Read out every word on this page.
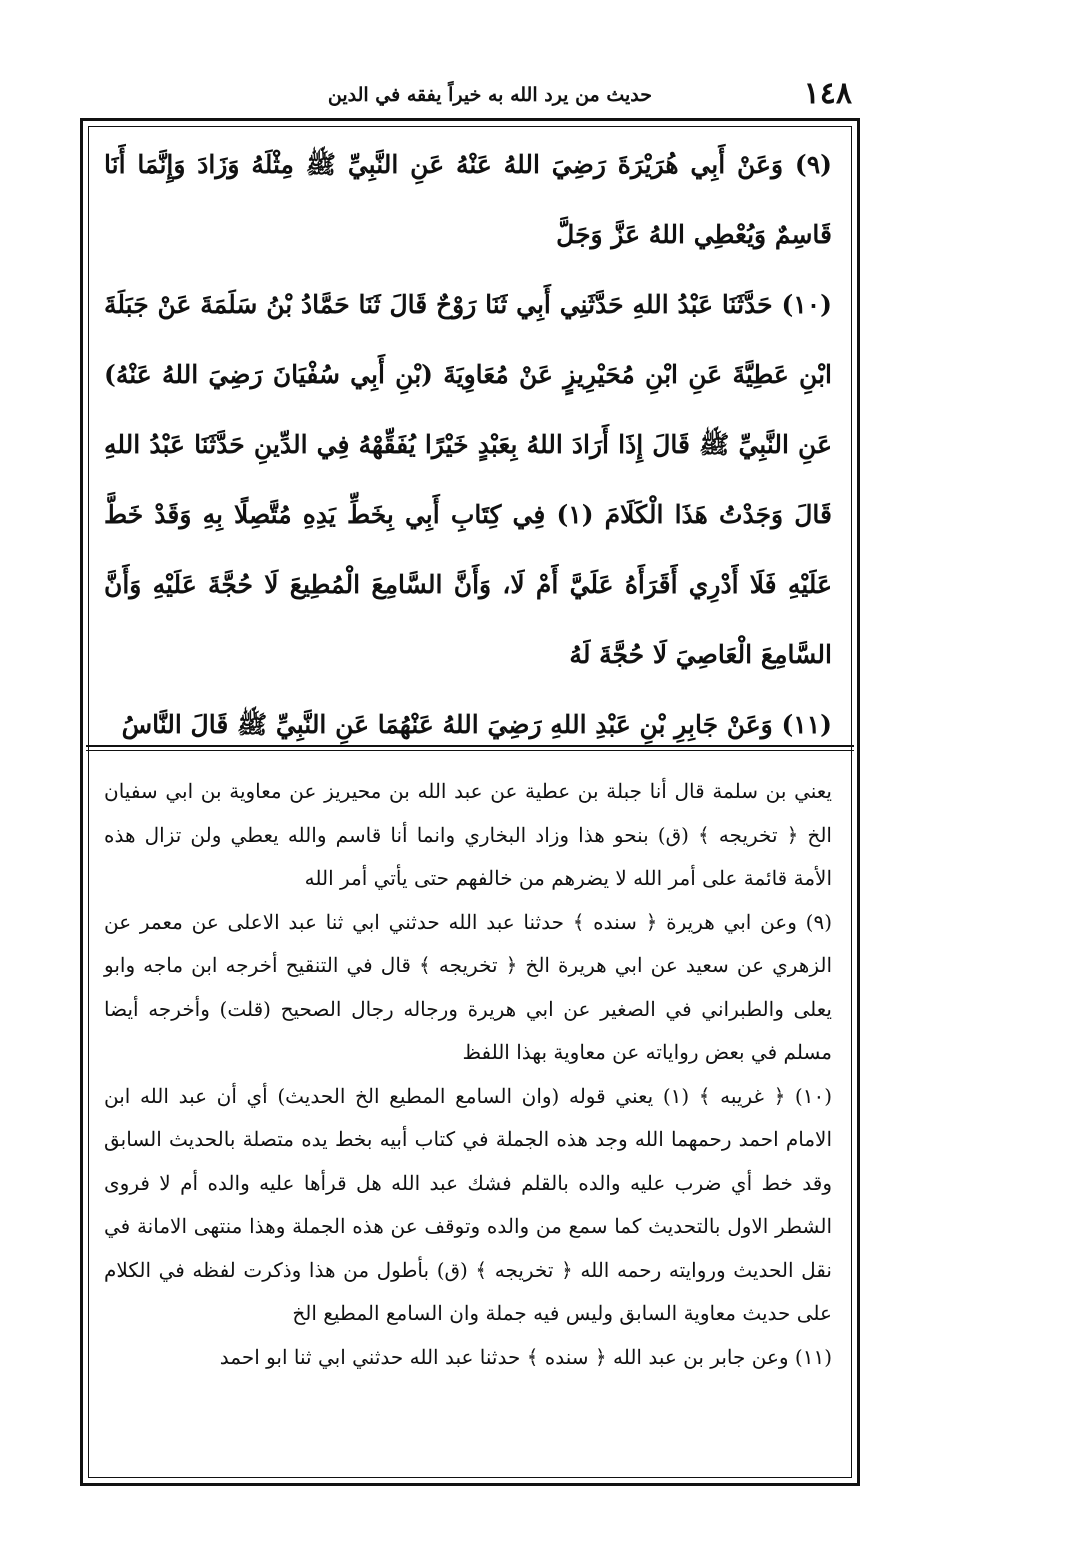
١٤٨
حديث من يرد الله به خيراً يفقه في الدين

(٩) وَعَنْ أَبِي هُرَيْرَةَ رَضِيَ اللهُ عَنْهُ عَنِ النَّبِيِّ ﷺ مِثْلَهُ وَزَادَ وَإِنَّمَا أَنَا قَاسِمٌ وَيُعْطِي اللهُ عَزَّ وَجَلَّ

(١٠) حَدَّثَنَا عَبْدُ اللهِ حَدَّثَنِي أَبِي ثَنَا رَوْحٌ قَالَ ثَنَا حَمَّادُ بْنُ سَلَمَةَ عَنْ جَبَلَةَ ابْنِ عَطِيَّةَ عَنِ ابْنِ مُحَيْرِيزٍ عَنْ مُعَاوِيَةَ (بْنِ أَبِي سُفْيَانَ رَضِيَ اللهُ عَنْهُ) عَنِ النَّبِيِّ ﷺ قَالَ إِذَا أَرَادَ اللهُ بِعَبْدٍ خَيْرًا يُفَقِّهْهُ فِي الدِّينِ حَدَّثَنَا عَبْدُ اللهِ قَالَ وَجَدْتُ هَذَا الْكَلَامَ (١) فِي كِتَابِ أَبِي بِخَطِّ يَدِهِ مُتَّصِلًا بِهِ وَقَدْ خَطَّ عَلَيْهِ فَلَا أَدْرِي أَقَرَأَهُ عَلَيَّ أَمْ لَا، وَأَنَّ السَّامِعَ الْمُطِيعَ لَا حُجَّةَ عَلَيْهِ وَأَنَّ السَّامِعَ الْعَاصِيَ لَا حُجَّةَ لَهُ

(١١) وَعَنْ جَابِرِ بْنِ عَبْدِ اللهِ رَضِيَ اللهُ عَنْهُمَا عَنِ النَّبِيِّ ﷺ قَالَ النَّاسُ

يعني بن سلمة قال أنا جبلة بن عطية عن عبد الله بن محيريز عن معاوية بن ابي سفيان الخ ﴿ تخريجه ﴾ (ق) بنحو هذا وزاد البخاري وانما أنا قاسم والله يعطي ولن تزال هذه الأمة قائمة على أمر الله لا يضرهم من خالفهم حتى يأتي أمر الله

(٩) وعن ابي هريرة ﴿ سنده ﴾ حدثنا عبد الله حدثني ابي ثنا عبد الاعلى عن معمر عن الزهري عن سعيد عن ابي هريرة الخ ﴿ تخريجه ﴾ قال في التنقيح أخرجه ابن ماجه وابو يعلى والطبراني في الصغير عن ابي هريرة ورجاله رجال الصحيح (قلت) وأخرجه أيضا مسلم في بعض رواياته عن معاوية بهذا اللفظ

(١٠) ﴿ غريبه ﴾ (١) يعني قوله (وان السامع المطيع الخ الحديث) أي أن عبد الله ابن الامام احمد رحمهما الله وجد هذه الجملة في كتاب أبيه بخط يده متصلة بالحديث السابق وقد خط أي ضرب عليه والده بالقلم فشك عبد الله هل قرأها عليه والده أم لا فروى الشطر الاول بالتحديث كما سمع من والده وتوقف عن هذه الجملة وهذا منتهى الامانة في نقل الحديث وروايته رحمه الله ﴿ تخريجه ﴾ (ق) بأطول من هذا وذكرت لفظه في الكلام على حديث معاوية السابق وليس فيه جملة وان السامع المطيع الخ

(١١) وعن جابر بن عبد الله ﴿ سنده ﴾ حدثنا عبد الله حدثني ابي ثنا ابو احمد
